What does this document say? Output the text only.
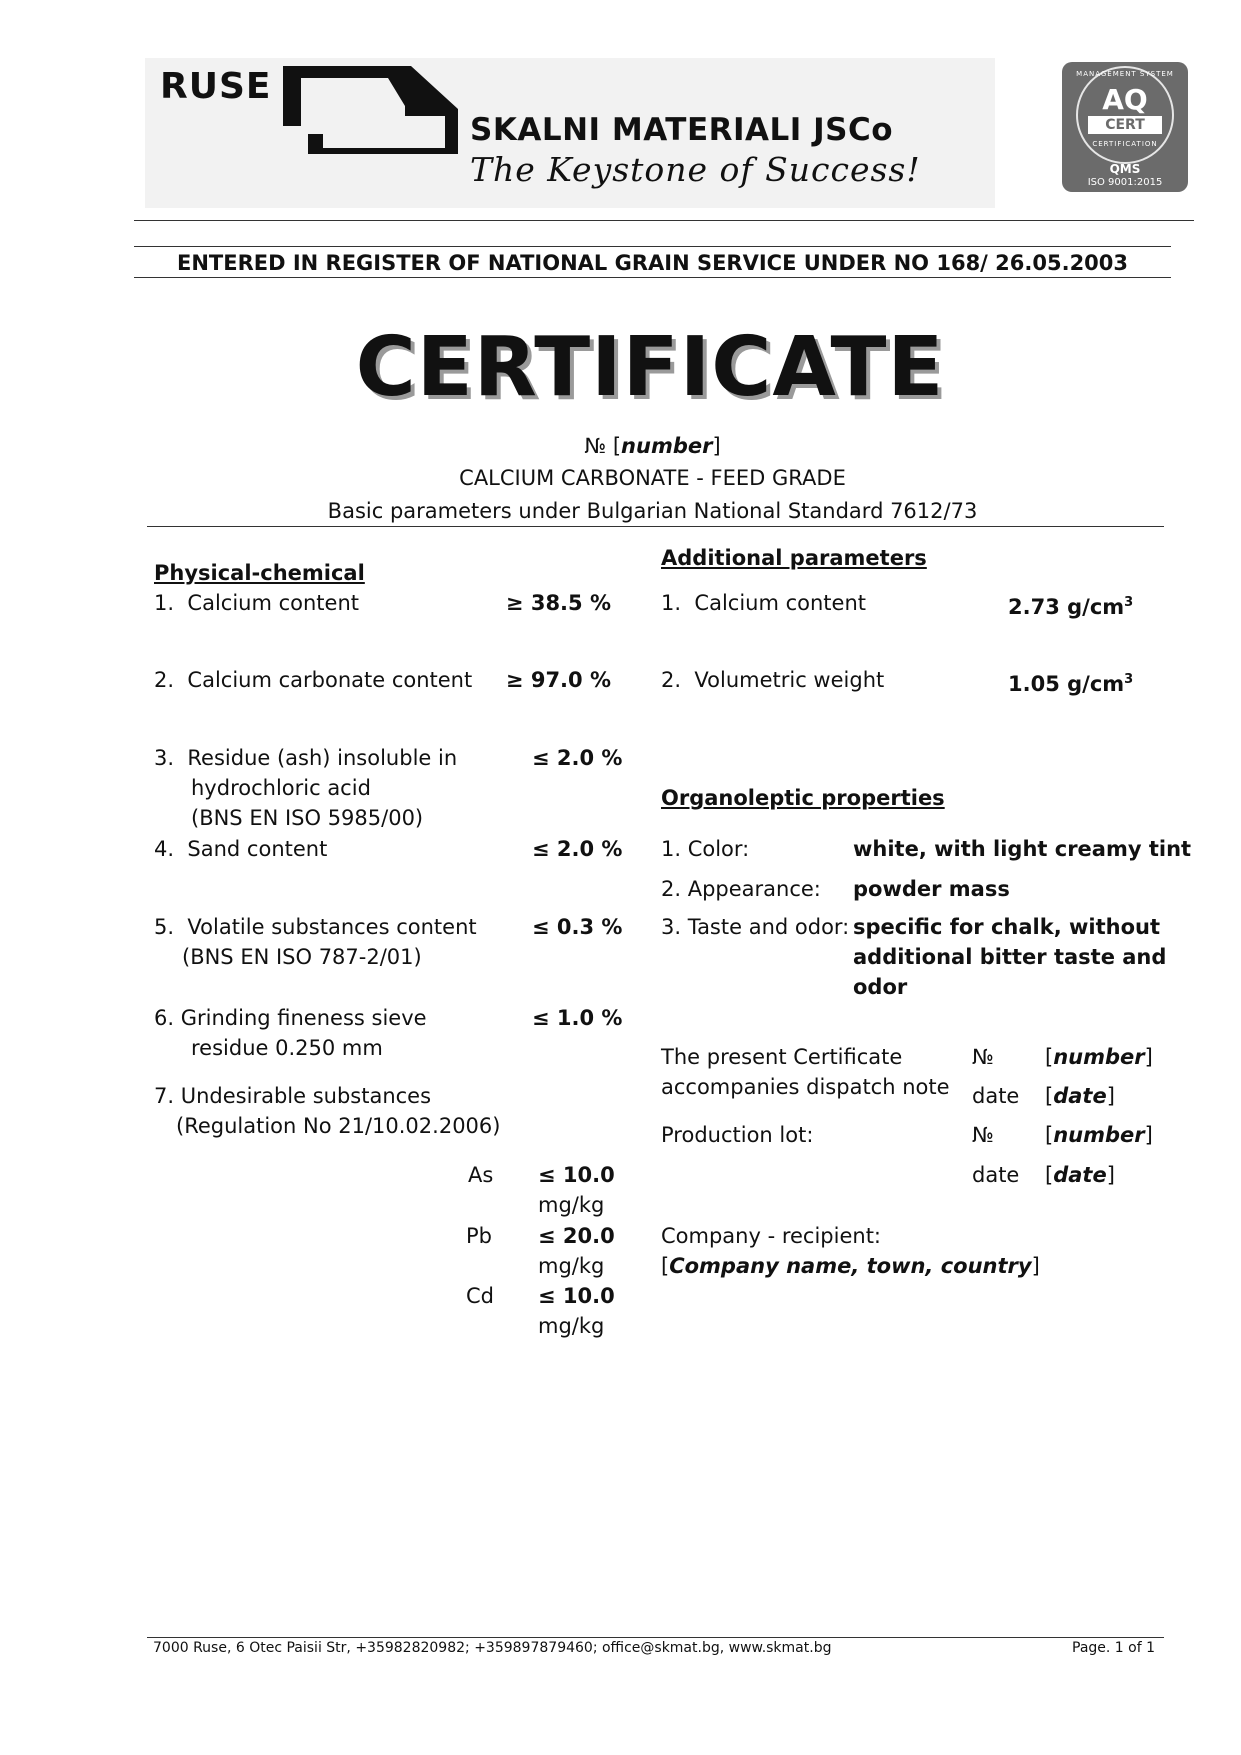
RUSE
SKALNI MATERIALI JSCo
The Keystone of Success!
MANAGEMENT SYSTEM
AQ
CERT
CERTIFICATION
QMS
ISO 9001:2015
ENTERED IN REGISTER OF NATIONAL GRAIN SERVICE UNDER NO 168/ 26.05.2003
CERTIFICATE
№ [number]
CALCIUM CARBONATE - FEED GRADE
Basic parameters under Bulgarian National Standard 7612/73
Physical-chemical
1. Calcium content	≥ 38.5 %
2. Calcium carbonate content ≥ 97.0 %
3. Residue (ash) insoluble in
hydrochloric acid
(BNS EN ISO 5985/00)
≤ 2.0 %
4. Sand content	≤ 2.0 %
5. Volatile substances content
(BNS EN ISO 787-2/01)
≤ 0.3 %
6. Grinding fineness sieve
residue 0.250 mm
≤ 1.0 %
7. Undesirable substances
(Regulation No 21/10.02.2006)
As ≤ 10.0
mg/kg
Pb ≤ 20.0
mg/kg
Cd ≤ 10.0
mg/kg
Additional parameters
1. Calcium content	2.73 $g/cm^3$
2. Volumetric weight	1.05 $g/cm^3$
Organoleptic properties
1. Color:	white, with light creamy tint
2. Appearance: powder mass
3. Taste and odor: specific for chalk, without
additional bitter taste and
odor
The present Certificate
accompanies dispatch note
№ [number]
date [date]
Production lot:	№ [number]
date [date]
Company - recipient:
[Company name, town, country]
7000 Ruse, 6 Otec Paisii Str, +35982820982; +359897879460; office@skmat.bg, www.skmat.bg	Page. 1 of 1
